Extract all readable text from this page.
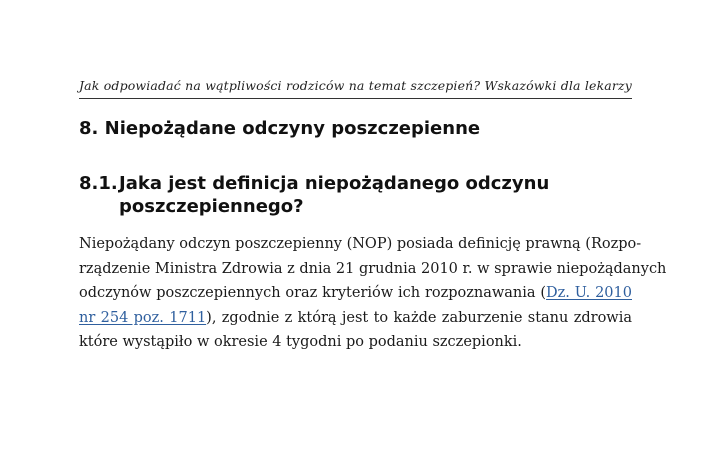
Jak odpowiadać na wątpliwości rodziców na temat szczepień? Wskazówki dla lekarzy
8. Niepożądane odczyny poszczepienne
8.1.Jaka jest definicja niepożądanego odczynu
poszczepiennego?
Niepożądany odczyn poszczepienny (NOP) posiada definicję prawną (Rozpo-
rządzenie Ministra Zdrowia z dnia 21 grudnia 2010 r. w sprawie niepożądanych
odczynów poszczepiennych oraz kryteriów ich rozpoznawania (Dz. U. 2010
nr 254 poz. 1711), zgodnie z którą jest to każde zaburzenie stanu zdrowia
które wystąpiło w okresie 4 tygodni po podaniu szczepionki.
